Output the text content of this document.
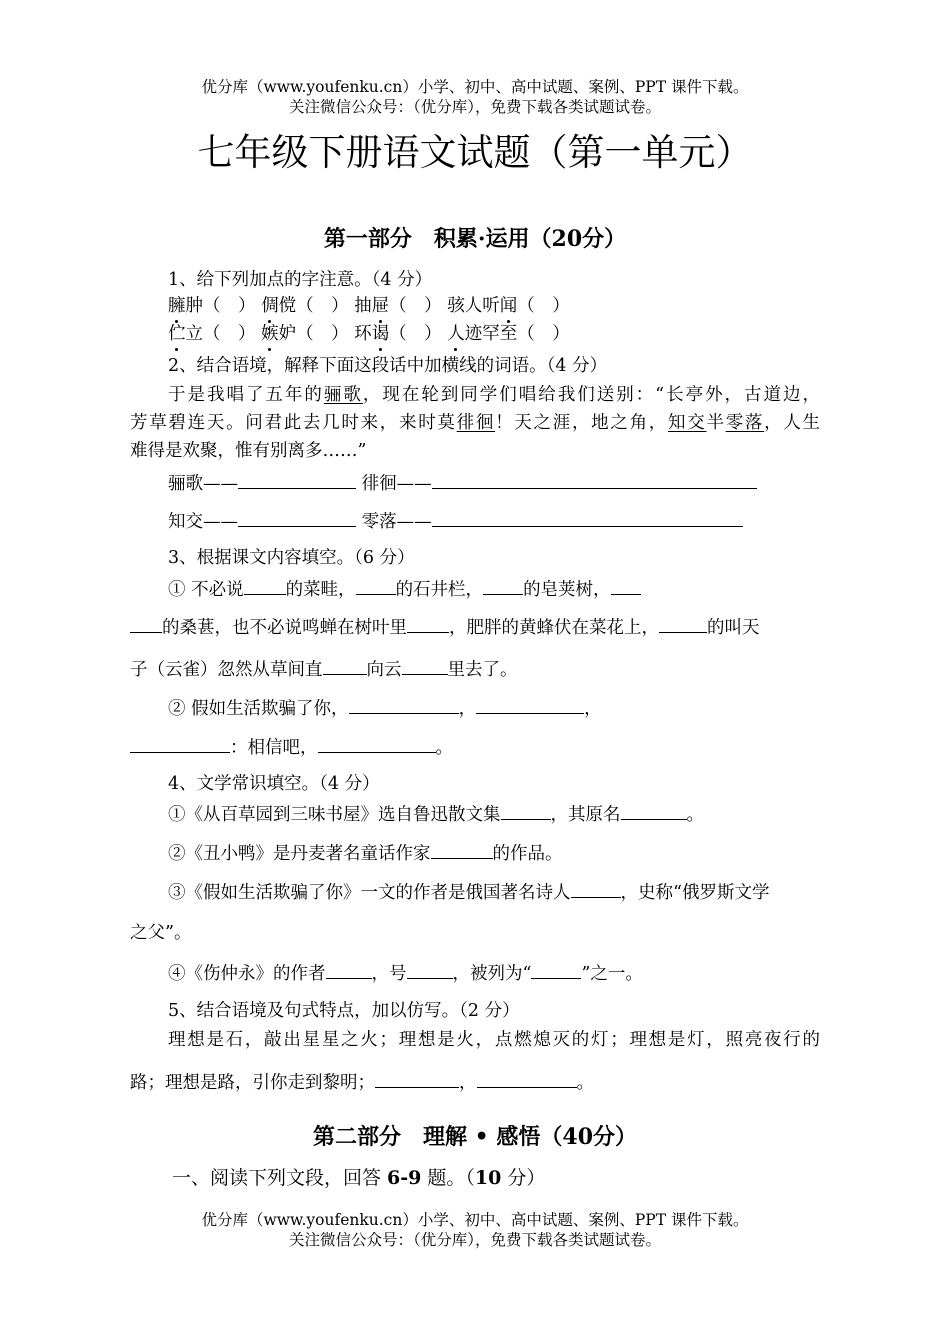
优分库（www.youfenku.cn）小学、初中、高中试题、案例、PPT 课件下载。
关注微信公众号：（优分库），免费下载各类试题试卷。
七年级下册语文试题（第一单元）
第一部分　积累·运用（20分）
1、给下列加点的字注意。（4 分）
臃肿（　） 倜傥（　） 抽屉（　） 骇人听闻（　）
伫立（　） 嫉妒（　） 环谒（　） 人迹罕至（　）
2、结合语境，解释下面这段话中加横线的词语。（4 分）
于是我唱了五年的骊歌，现在轮到同学们唱给我们送别：“长亭外，古道边，
芳草碧连天。问君此去几时来，来时莫徘徊！天之涯，地之角，知交半零落，人生
难得是欢聚，惟有别离多……”
骊歌——	徘徊——
知交——	零落——
3、根据课文内容填空。（6 分）
① 不必说 的菜畦， 的石井栏， 的皂荚树，
的桑葚，也不必说鸣蝉在树叶里 ，肥胖的黄蜂伏在菜花上，	的叫天
子（云雀）忽然从草间直	向云	里去了。
② 假如生活欺骗了你，	，	，
：相信吧，	。
4、文学常识填空。（4 分）
①《从百草园到三味书屋》选自鲁迅散文集	，其原名	。
②《丑小鸭》是丹麦著名童话作家	的作品。
③《假如生活欺骗了你》一文的作者是俄国著名诗人	，史称“俄罗斯文学
之父”。
④《伤仲永》的作者	，号	，被列为“	”之一。
5、结合语境及句式特点，加以仿写。（2 分）
理想是石，敲出星星之火；理想是火，点燃熄灭的灯；理想是灯，照亮夜行的
路；理想是路，引你走到黎明；	，	。
第二部分　理解 • 感悟（40分）
一、阅读下列文段，回答 6-9 题。（10 分）
优分库（www.youfenku.cn）小学、初中、高中试题、案例、PPT 课件下载。
关注微信公众号：（优分库），免费下载各类试题试卷。
